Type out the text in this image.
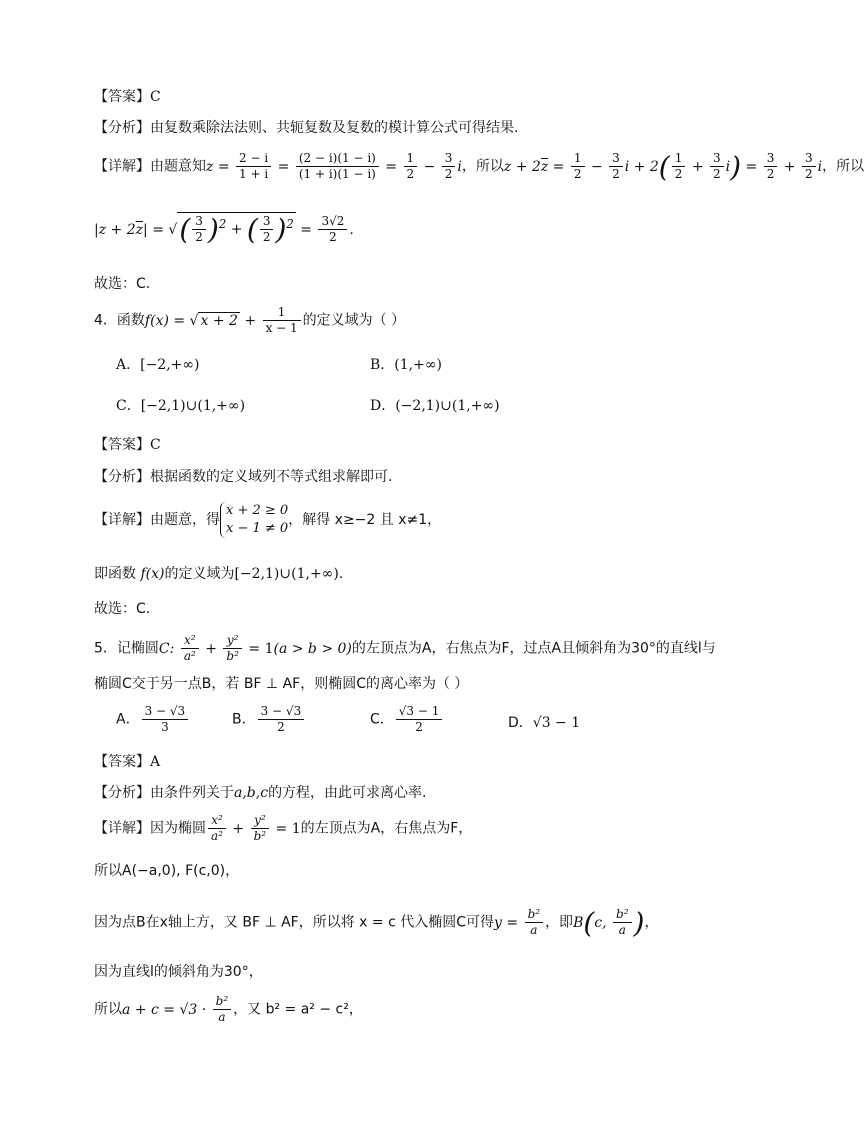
【答案】C
【分析】由复数乘除法法则、共轭复数及复数的模计算公式可得结果.
【详解】由题意知$z = \frac{2 - i}{1 + i} = \frac{(2 - i)(1 - i)}{(1 + i)(1 - i)} = \frac{1}{2} - \frac{3}{2}$ i，所以$z + 2\overline{z} = \frac{1}{2} - \frac{3}{2}$ $i + 2( \frac{1}{2} + \frac{3}{2} i) = \frac{3}{2} + \frac{3}{2}$ i，所以
$|z + 2\overline{z}|$ = √( $\frac{3}{2} )^2$ + ( $\frac{3}{2} )^2 = \frac{3√2}{2}$ .
故选：C.
4．函数f(x) = √ $x + 2 + \frac{1}{x - 1}$ 的定义域为（ ）
A．[−2,+∞)	B．(1,+∞)
C．[−2,1)∪(1,+∞)	D．(−2,1)∪(1,+∞)
【答案】C
【分析】根据函数的定义域列不等式组求解即可.
【详解】由题意，得
x + 2 ≥ 0
x − 1 ≠ 0
，解得 x≥−2 且 x≠1，
即函数 f(x)的定义域为[−2,1)∪(1,+∞).
故选：C.
5．记椭圆C: $\frac{\text{x²}}{\text{a²}} + \frac{\text{y²}}{\text{b²}} = 1(a > b > 0)$的左顶点为A，右焦点为F，过点A且倾斜角为30°的直线l与
椭圆C交于另一点B，若 BF ⊥ AF，则椭圆C的离心率为（ ）
A． $\frac{3 - √3}{3}$	B． $\frac{3 - √3}{2}$	C． $\frac{√3 - 1}{2}$	D．√3 − 1
【答案】A
【分析】由条件列关于a,b,c的方程，由此可求离心率.
【详解】因为椭圆 $\frac{\text{x²}}{\text{a²}} + \frac{\text{y²}}{\text{b²}} = 1$的左顶点为A，右焦点为F，
所以A(−a,0), F(c,0)，
因为点B在x轴上方，又 BF ⊥ AF，所以将 x = c 代入椭圆C可得$y = \frac{\text{b²}}{a}$ ，即B(c, $\frac{\text{b²}}{a}$ )，
因为直线l的倾斜角为30°，
所以$a + c = √3 \cdot \frac{\text{b²}}{a}$ ，又 b² = a² − c²，
